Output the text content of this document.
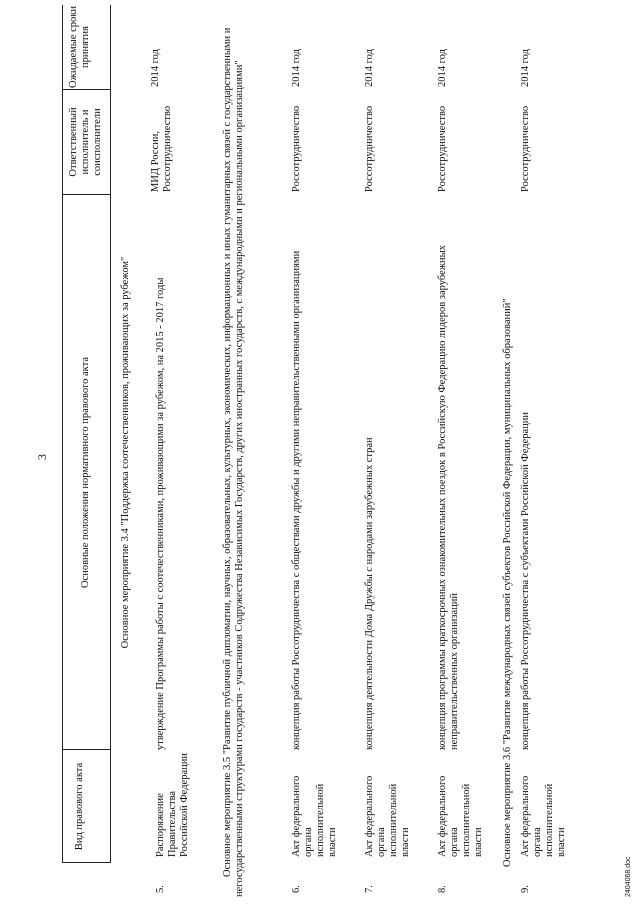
3
Вид правового акта
Основные положения нормативного правового акта
Ответственный исполнитель и соисполнители
Ожидаемые сроки принятия
Основное мероприятие 3.4 "Поддержка соотечественников, проживающих за рубежом"
5.
Распоряжение Правительства Российской Федерации
утверждение Программы работы с соотечественниками, проживающими за рубежом, на 2015 - 2017 годы
МИД России, Россотрудничество
2014 год	Основное мероприятие 3.5 "Развитие публичной дипломатии, научных, образовательных, культурных, экономических, информационных и иных гуманитарных связей с государственными и негосударственными структурами государств - участников Содружества Независимых Государств, других иностранных государств, с международными и региональными организациями"	6.
Акт федерального органа исполнительной власти
концепция работы Россотрудничества с обществами дружбы и другими неправительственными организациями
Россотрудничество
2014 год
7.
Акт федерального органа исполнительной власти
концепция деятельности Дома Дружбы с народами зарубежных стран
Россотрудничество
2014 год
8.
Акт федерального органа исполнительной власти
концепция программы краткосрочных ознакомительных поездок в Российскую Федерацию лидеров зарубежных неправительственных организаций
Россотрудничество
2014 год
Основное мероприятие 3.6 "Развитие международных связей субъектов Российской Федерации, муниципальных образований"
9.
Акт федерального органа исполнительной власти
концепция работы Россотрудничества с субъектами Российской Федерации
Россотрудничество
2014 год
2404068.doc
